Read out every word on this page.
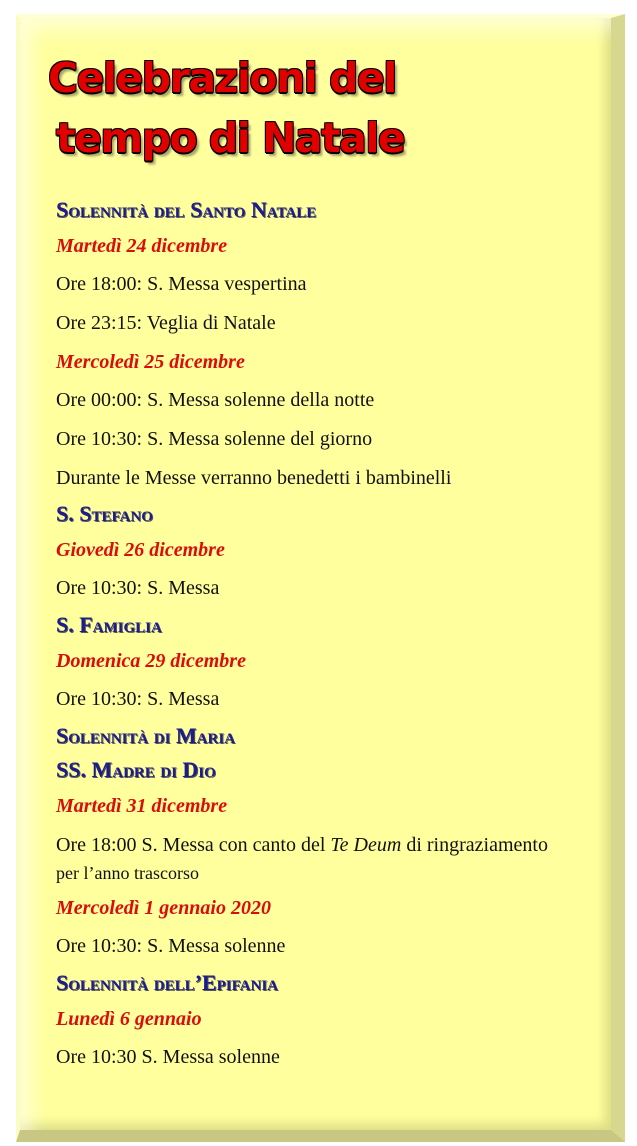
Celebrazioni del
tempo di Natale

Solennità del Santo Natale

Martedì 24 dicembre

Ore 18:00: S. Messa vespertina

Ore 23:15: Veglia di Natale

Mercoledì 25 dicembre

Ore 00:00: S. Messa solenne della notte

Ore 10:30: S. Messa solenne del giorno

Durante le Messe verranno benedetti i bambinelli

S. Stefano

Giovedì 26 dicembre

Ore 10:30: S. Messa

S. Famiglia

Domenica 29 dicembre

Ore 10:30: S. Messa

Solennità di Maria
SS. Madre di Dio

Martedì 31 dicembre

Ore 18:00 S. Messa con canto del Te Deum di ringraziamento
per l’anno trascorso

Mercoledì 1 gennaio 2020

Ore 10:30: S. Messa solenne

Solennità dell’Epifania

Lunedì 6 gennaio

Ore 10:30 S. Messa solenne
